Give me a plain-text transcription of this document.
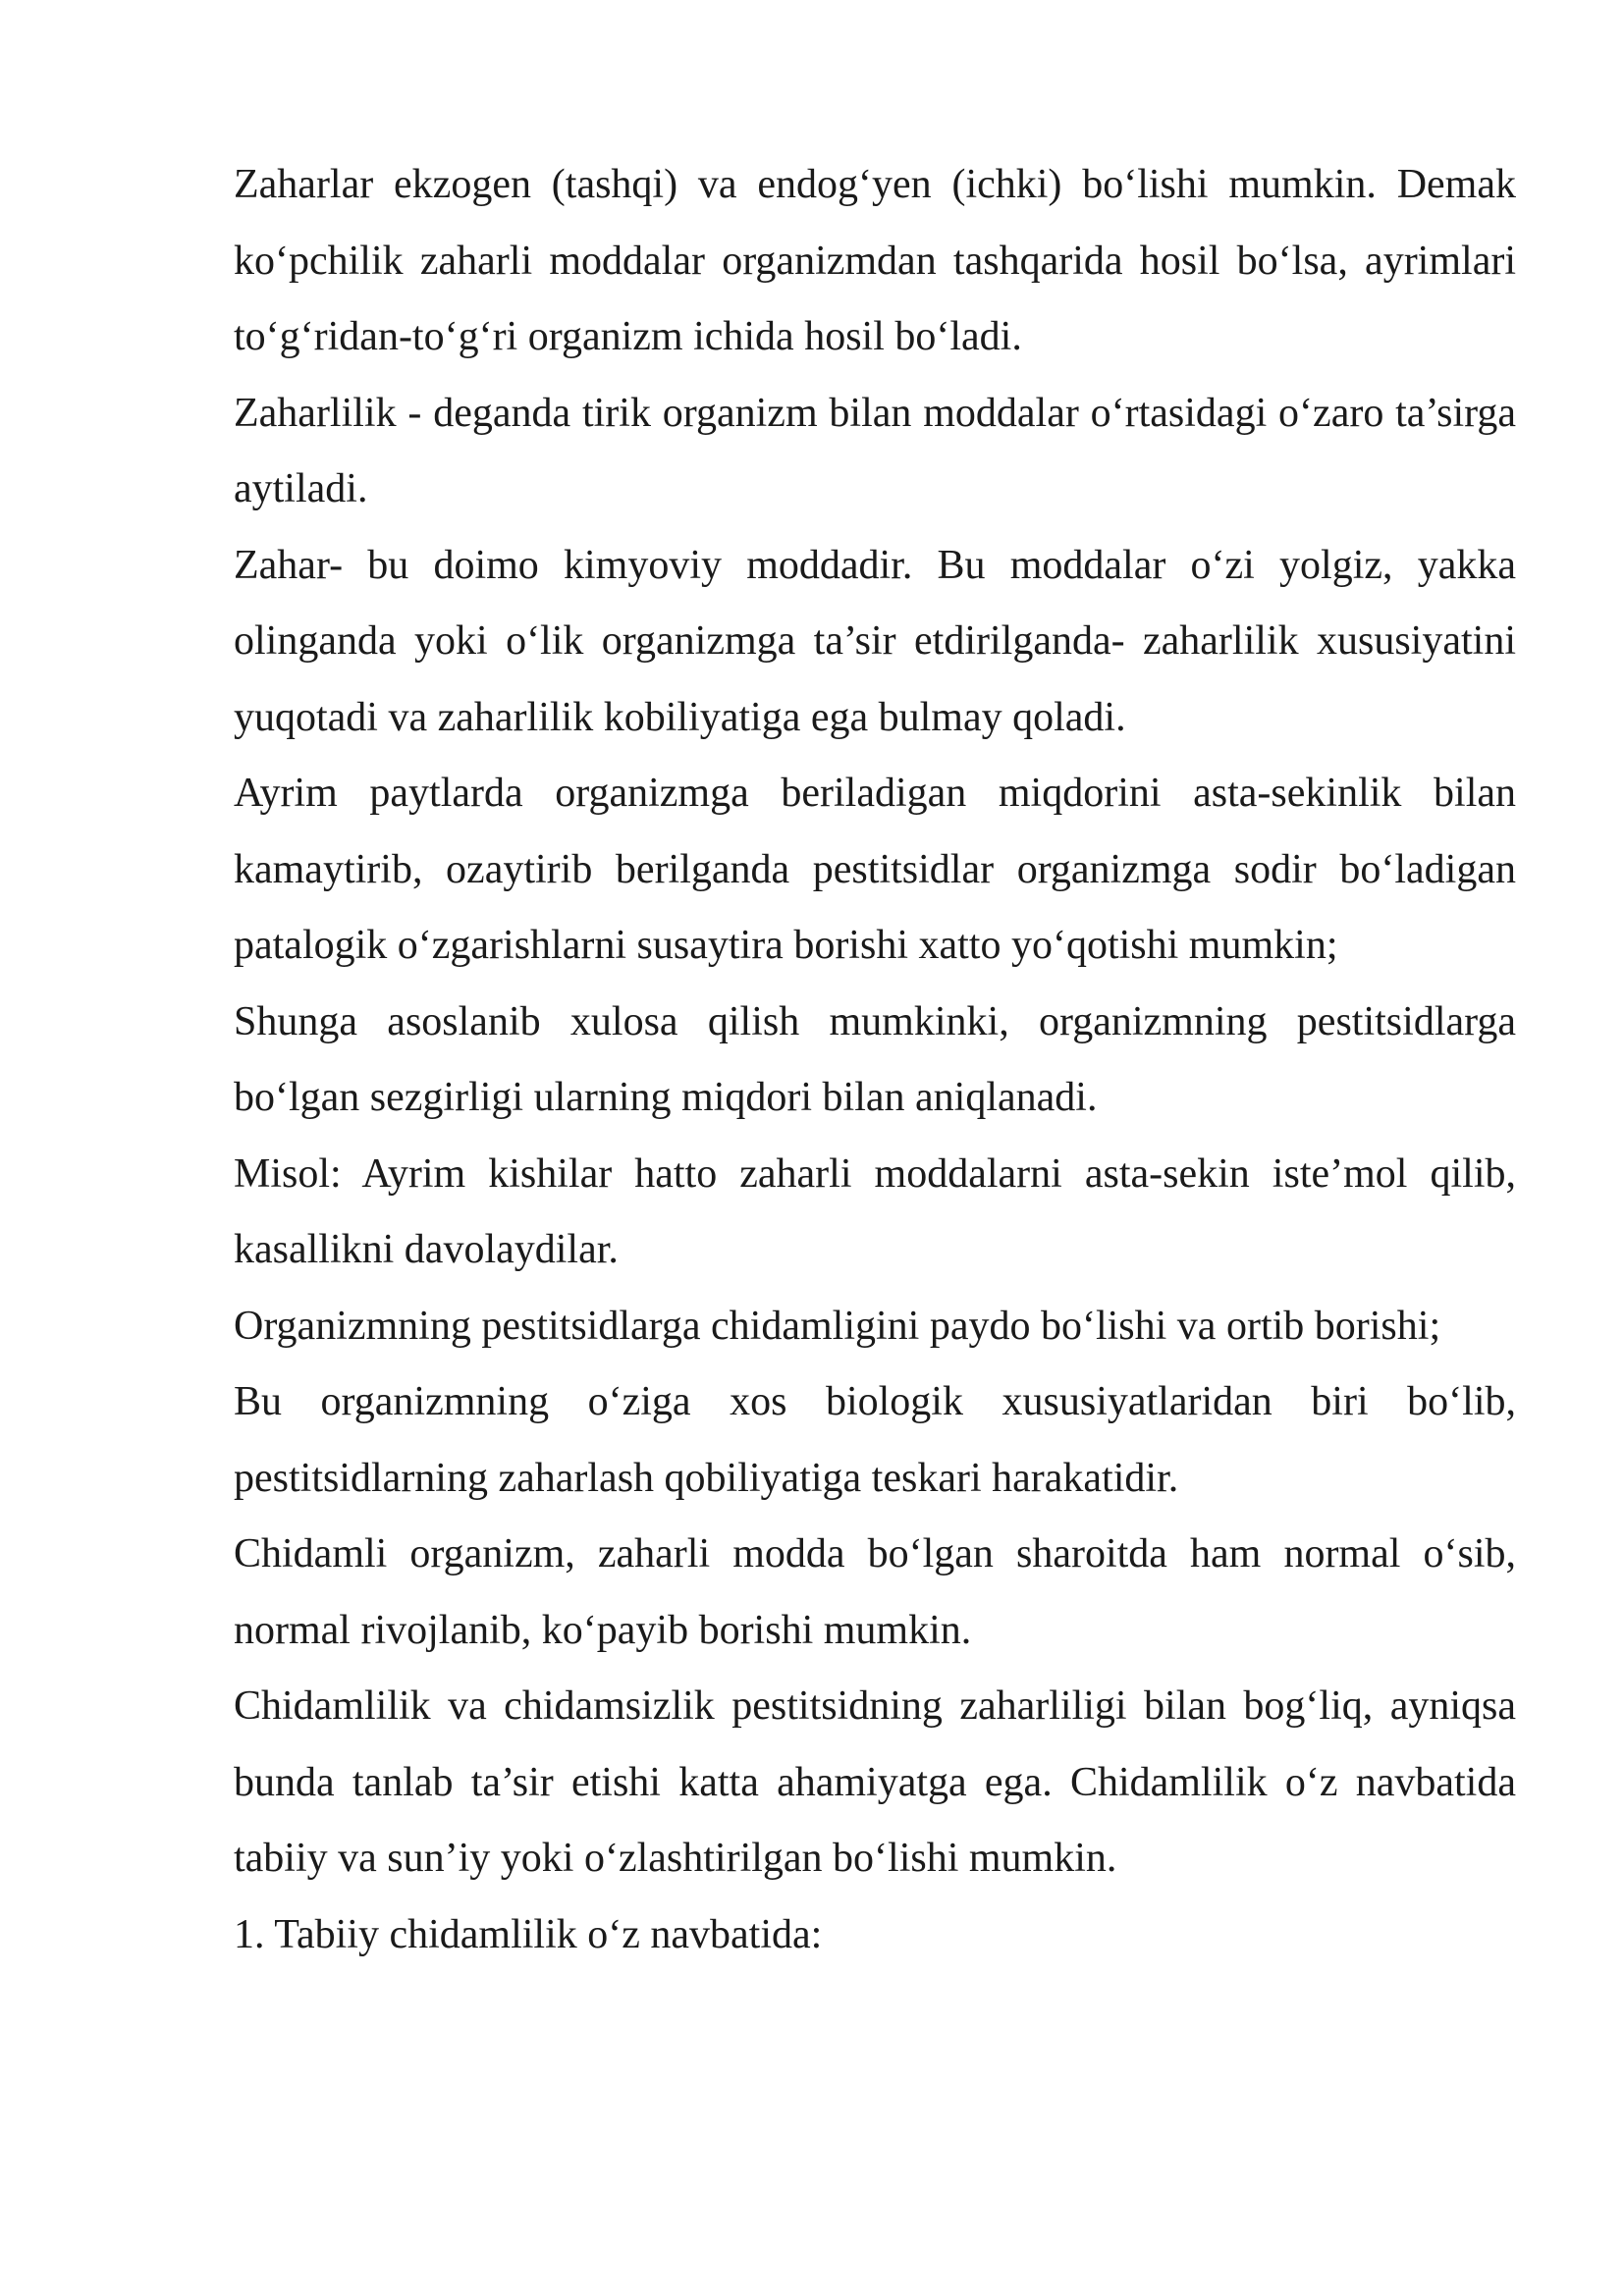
Zaharlar ekzogen (tashqi) va endog‘yen (ichki) bo‘lishi mumkin. Demak ko‘pchilik zaharli moddalar organizmdan tashqarida hosil bo‘lsa, ayrimlari to‘g‘ridan-to‘g‘ri organizm ichida hosil bo‘ladi.

Zaharlilik - deganda tirik organizm bilan moddalar o‘rtasidagi o‘zaro ta’sirga aytiladi.

Zahar- bu doimo kimyoviy moddadir. Bu moddalar o‘zi yolgiz, yakka olinganda yoki o‘lik organizmga ta’sir etdirilganda- zaharlilik xususiyatini yuqotadi va zaharlilik kobiliyatiga ega bulmay qoladi.

Ayrim paytlarda organizmga beriladigan miqdorini asta-sekinlik bilan kamaytirib, ozaytirib berilganda pestitsidlar organizmga sodir bo‘ladigan patalogik o‘zgarishlarni susaytira borishi xatto yo‘qotishi mumkin;

Shunga asoslanib xulosa qilish mumkinki, organizmning pestitsidlarga bo‘lgan sezgirligi ularning miqdori bilan aniqlanadi.

Misol: Ayrim kishilar hatto zaharli moddalarni asta-sekin iste’mol qilib, kasallikni davolaydilar.

Organizmning pestitsidlarga chidamligini paydo bo‘lishi va ortib borishi;

Bu organizmning o‘ziga xos biologik xususiyatlaridan biri bo‘lib, pestitsidlarning zaharlash qobiliyatiga teskari harakatidir.

Chidamli organizm, zaharli modda bo‘lgan sharoitda ham normal o‘sib, normal rivojlanib, ko‘payib borishi mumkin.

Chidamlilik va chidamsizlik pestitsidning zaharliligi bilan bog‘liq, ayniqsa bunda tanlab ta’sir etishi katta ahamiyatga ega. Chidamlilik o‘z navbatida tabiiy va sun’iy yoki o‘zlashtirilgan bo‘lishi mumkin.

1. Tabiiy chidamlilik o‘z navbatida:
